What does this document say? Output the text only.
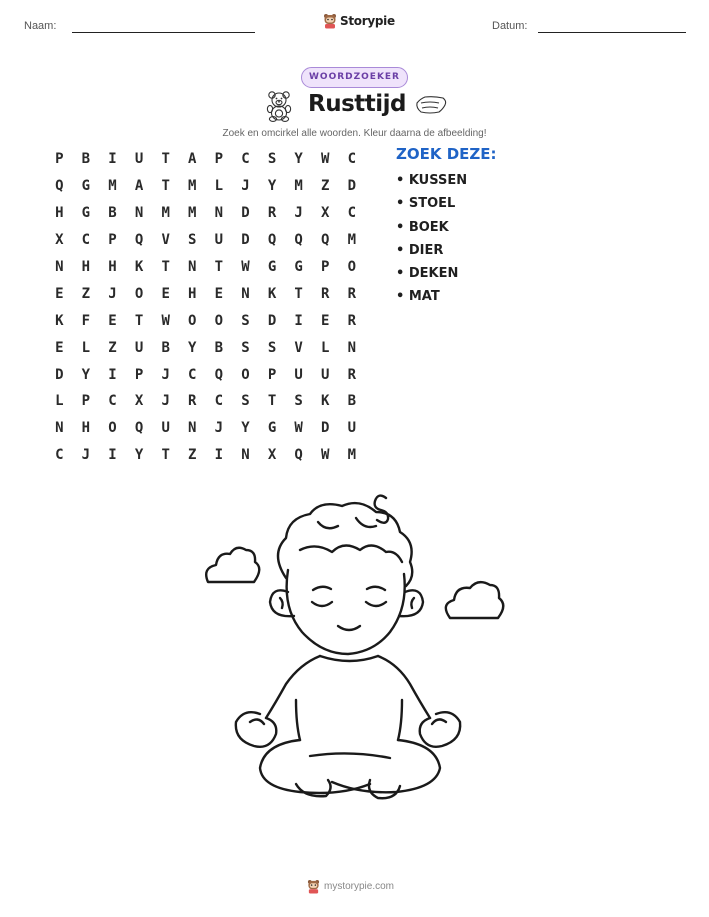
Naam:	Storypie	Datum:
WOORDZOEKER
Rusttijd
Zoek en omcirkel alle woorden. Kleur daarna de afbeelding!
P	B	I	U	T	A	P	C	S	Y	W	C
Q	G	M	A	T	M	L	J	Y	M	Z	D
H	G	B	N	M	M	N	D	R	J	X	C
X	C	P	Q	V	S	U	D	Q	Q	Q	M
N	H	H	K	T	N	T	W	G	G	P	O
E	Z	J	O	E	H	E	N	K	T	R	R
K	F	E	T	W	O	O	S	D	I	E	R
E	L	Z	U	B	Y	B	S	S	V	L	N
D	Y	I	P	J	C	Q	O	P	U	U	R
L	P	C	X	J	R	C	S	T	S	K	B
N	H	O	Q	U	N	J	Y	G	W	D	U
C	J	I	Y	T	Z	I	N	X	Q	W	M
ZOEK DEZE:
• KUSSEN
• STOEL
• BOEK
• DIER
• DEKEN
• MAT
mystorypie.com
